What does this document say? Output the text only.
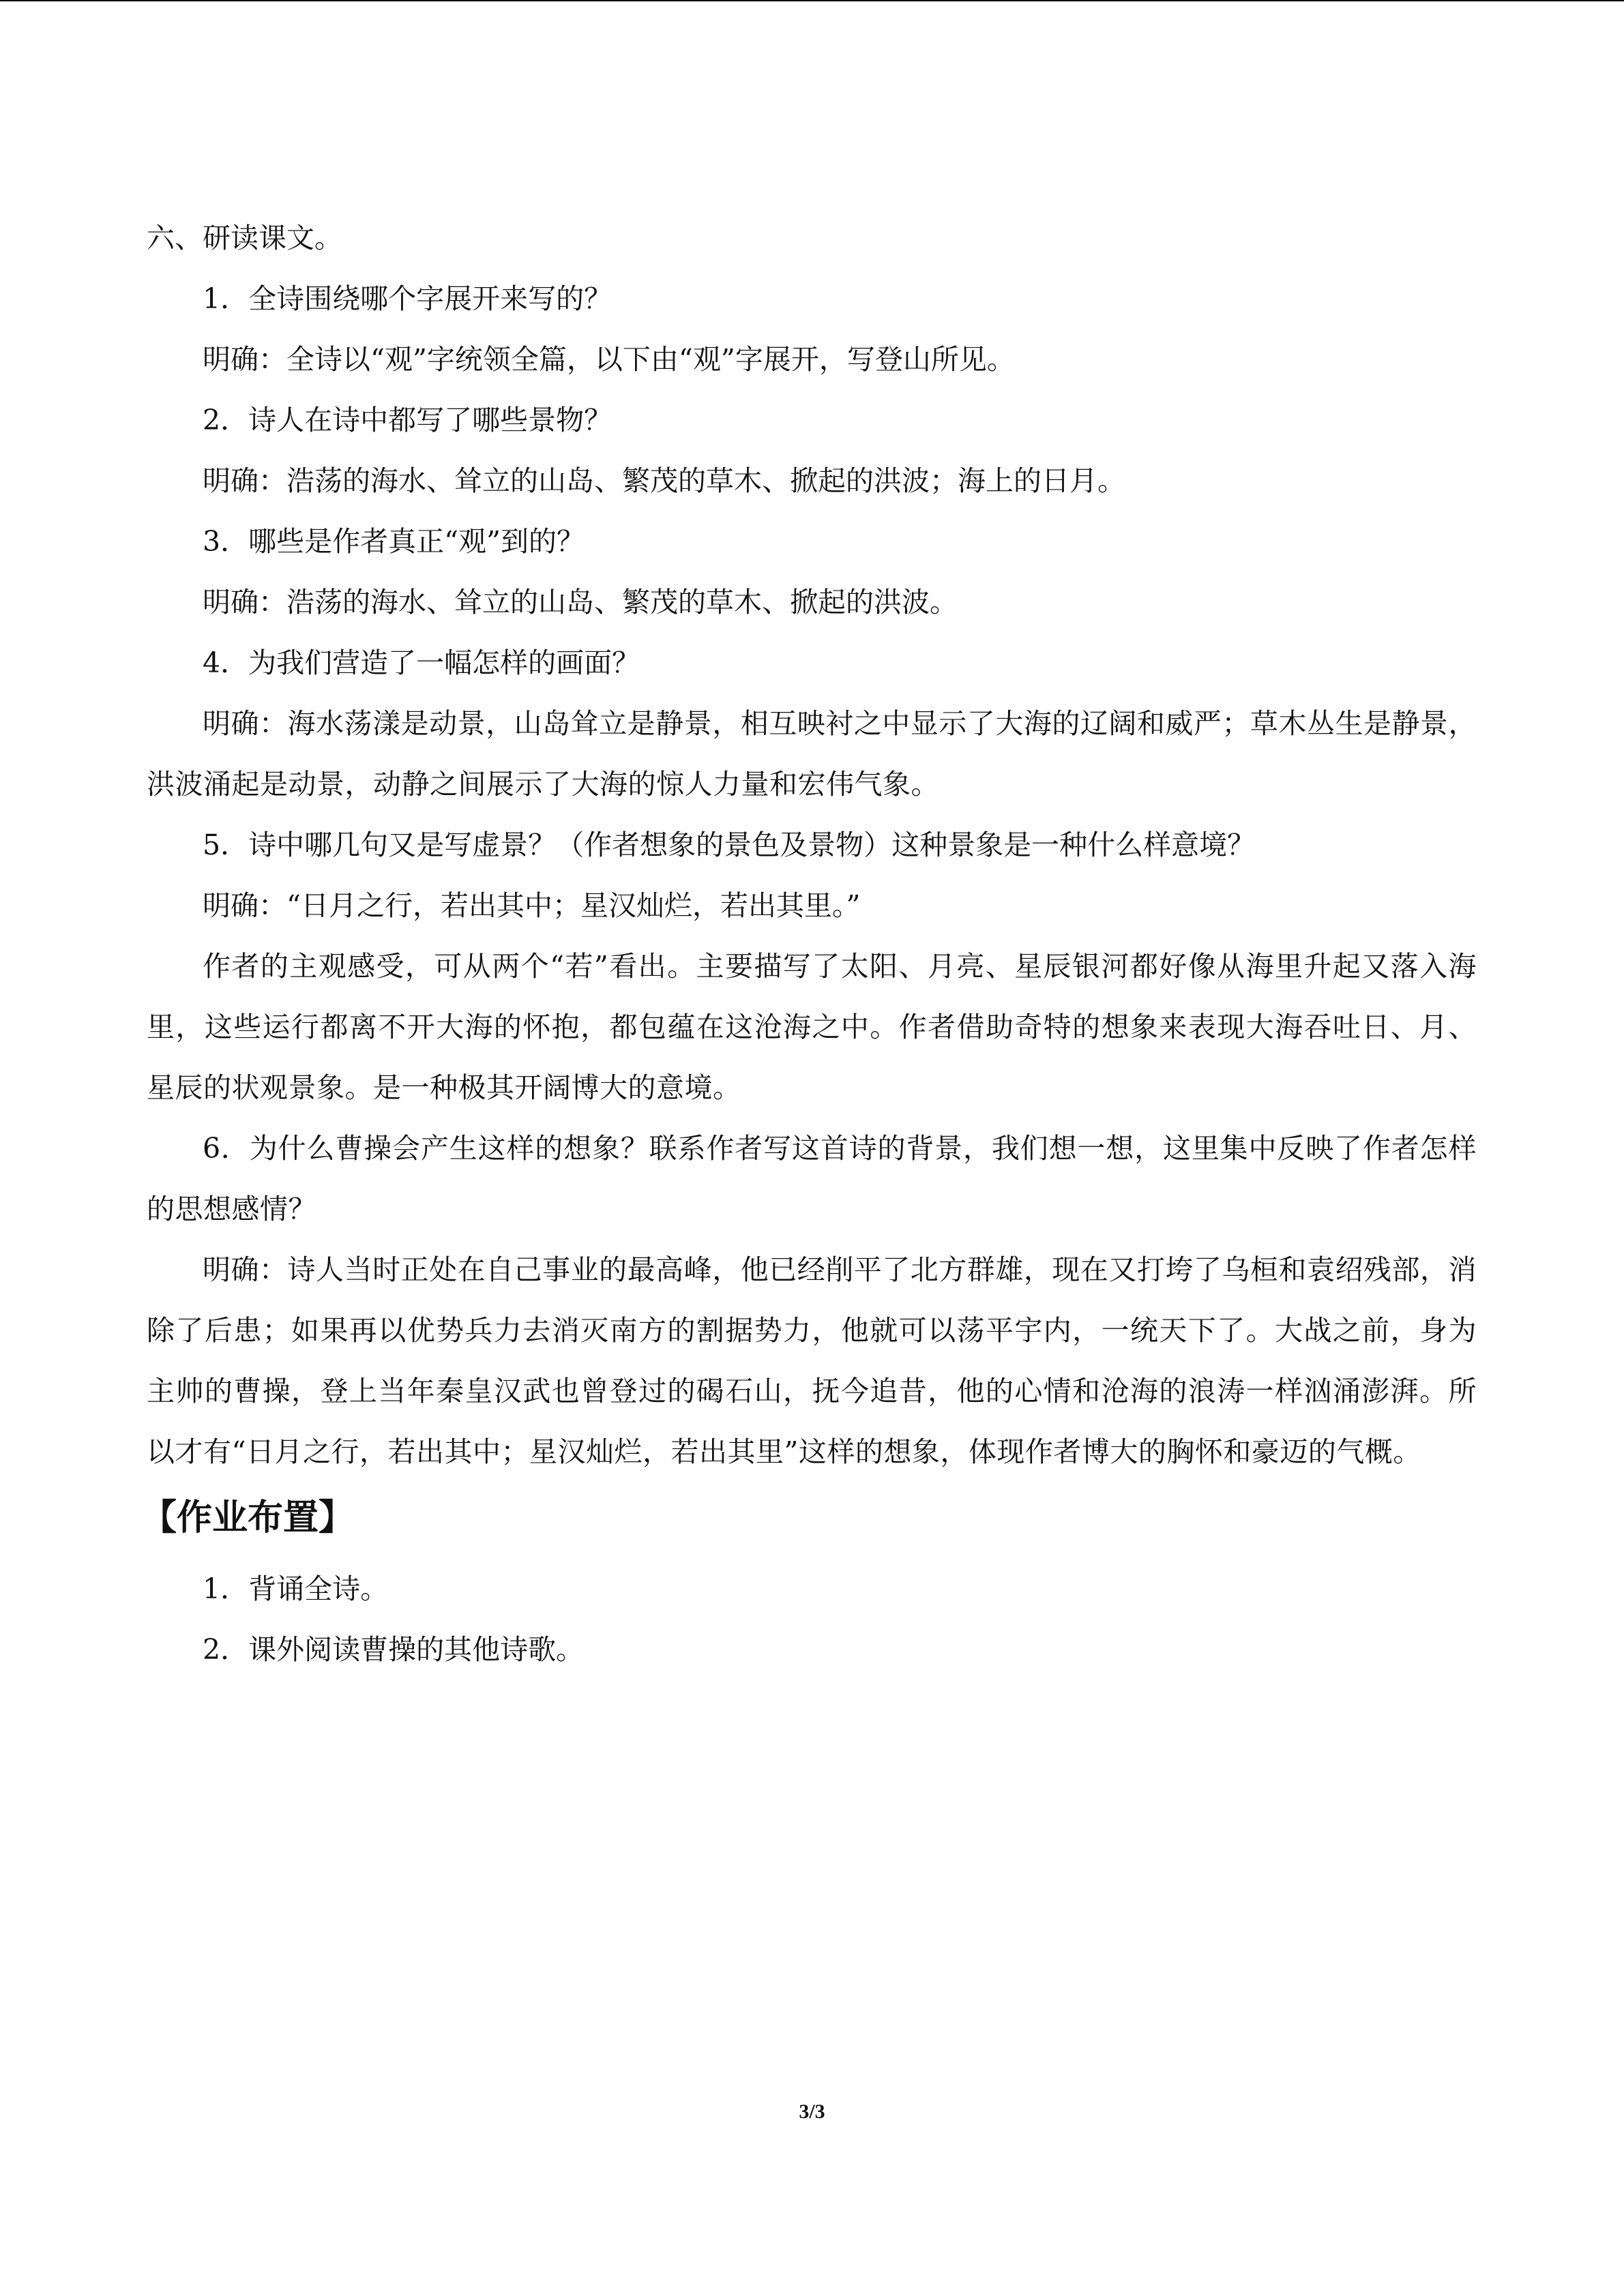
六、研读课文。
1．全诗围绕哪个字展开来写的？
明确：全诗以“观”字统领全篇，以下由“观”字展开，写登山所见。
2．诗人在诗中都写了哪些景物？
明确：浩荡的海水、耸立的山岛、繁茂的草木、掀起的洪波；海上的日月。
3．哪些是作者真正“观”到的？
明确：浩荡的海水、耸立的山岛、繁茂的草木、掀起的洪波。
4．为我们营造了一幅怎样的画面？
明确：海水荡漾是动景，山岛耸立是静景，相互映衬之中显示了大海的辽阔和威严；草木丛生是静景，洪波涌起是动景，动静之间展示了大海的惊人力量和宏伟气象。
5．诗中哪几句又是写虚景？（作者想象的景色及景物）这种景象是一种什么样意境？
明确：“日月之行，若出其中；星汉灿烂，若出其里。”
作者的主观感受，可从两个“若”看出。主要描写了太阳、月亮、星辰银河都好像从海里升起又落入海里，这些运行都离不开大海的怀抱，都包蕴在这沧海之中。作者借助奇特的想象来表现大海吞吐日、月、星辰的状观景象。是一种极其开阔博大的意境。
6．为什么曹操会产生这样的想象？联系作者写这首诗的背景，我们想一想，这里集中反映了作者怎样的思想感情？
明确：诗人当时正处在自己事业的最高峰，他已经削平了北方群雄，现在又打垮了乌桓和袁绍残部，消除了后患；如果再以优势兵力去消灭南方的割据势力，他就可以荡平宇内，一统天下了。大战之前，身为主帅的曹操，登上当年秦皇汉武也曾登过的碣石山，抚今追昔，他的心情和沧海的浪涛一样汹涌澎湃。所以才有“日月之行，若出其中；星汉灿烂，若出其里”这样的想象，体现作者博大的胸怀和豪迈的气概。
【作业布置】
1．背诵全诗。
2．课外阅读曹操的其他诗歌。
3/3
